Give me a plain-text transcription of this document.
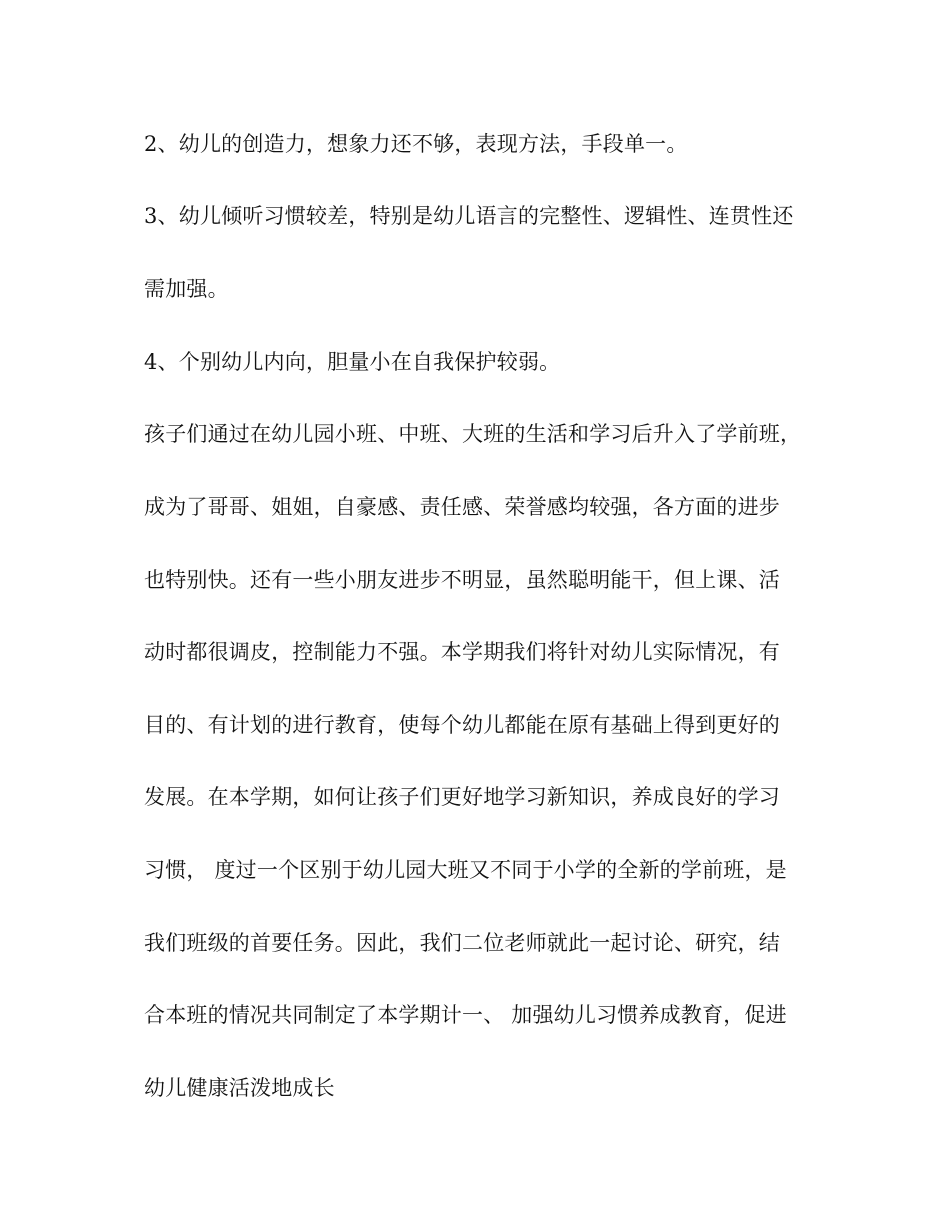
2、幼儿的创造力，想象力还不够，表现方法，手段单一。
3、幼儿倾听习惯较差，特别是幼儿语言的完整性、逻辑性、连贯性还
需加强。
4、个别幼儿内向，胆量小在自我保护较弱。
孩子们通过在幼儿园小班、中班、大班的生活和学习后升入了学前班，
成为了哥哥、姐姐，自豪感、责任感、荣誉感均较强，各方面的进步
也特别快。还有一些小朋友进步不明显，虽然聪明能干，但上课、活
动时都很调皮，控制能力不强。本学期我们将针对幼儿实际情况，有
目的、有计划的进行教育，使每个幼儿都能在原有基础上得到更好的
发展。在本学期，如何让孩子们更好地学习新知识，养成良好的学习
习惯， 度过一个区别于幼儿园大班又不同于小学的全新的学前班，是
我们班级的首要任务。因此，我们二位老师就此一起讨论、研究，结
合本班的情况共同制定了本学期计一、 加强幼儿习惯养成教育，促进
幼儿健康活泼地成长
